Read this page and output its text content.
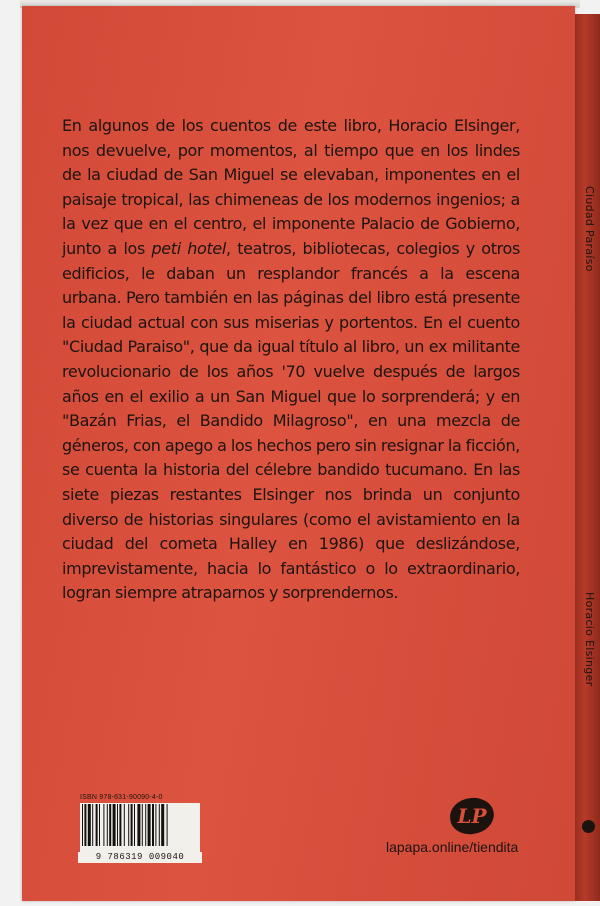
Ciudad Paraíso
Horacio Elsinger

En algunos de los cuentos de este libro, Horacio Elsinger, nos devuelve, por momentos, al tiempo que en los lindes de la ciudad de San Miguel se elevaban, imponentes en el paisaje tropical, las chimeneas de los modernos ingenios; a la vez que en el centro, el imponente Palacio de Gobierno, junto a los peti hotel, teatros, bibliotecas, colegios y otros edificios, le daban un resplandor francés a la escena urbana. Pero también en las páginas del libro está presente la ciudad actual con sus miserias y portentos. En el cuento "Ciudad Paraiso", que da igual título al libro, un ex militante revolucionario de los años '70 vuelve después de largos años en el exilio a un San Miguel que lo sorprenderá; y en "Bazán Frias, el Bandido Milagroso", en una mezcla de géneros, con apego a los hechos pero sin resignar la ficción, se cuenta la historia del célebre bandido tucumano. En las siete piezas restantes Elsinger nos brinda un conjunto diverso de historias singulares (como el avistamiento en la ciudad del cometa Halley en 1986) que deslizándose, imprevistamente, hacia lo fantástico o lo extraordinario, logran siempre atraparnos y sorprendernos.

ISBN 978-631-90090-4-0
9 786319 009040
LP
lapapa.online/tiendita
